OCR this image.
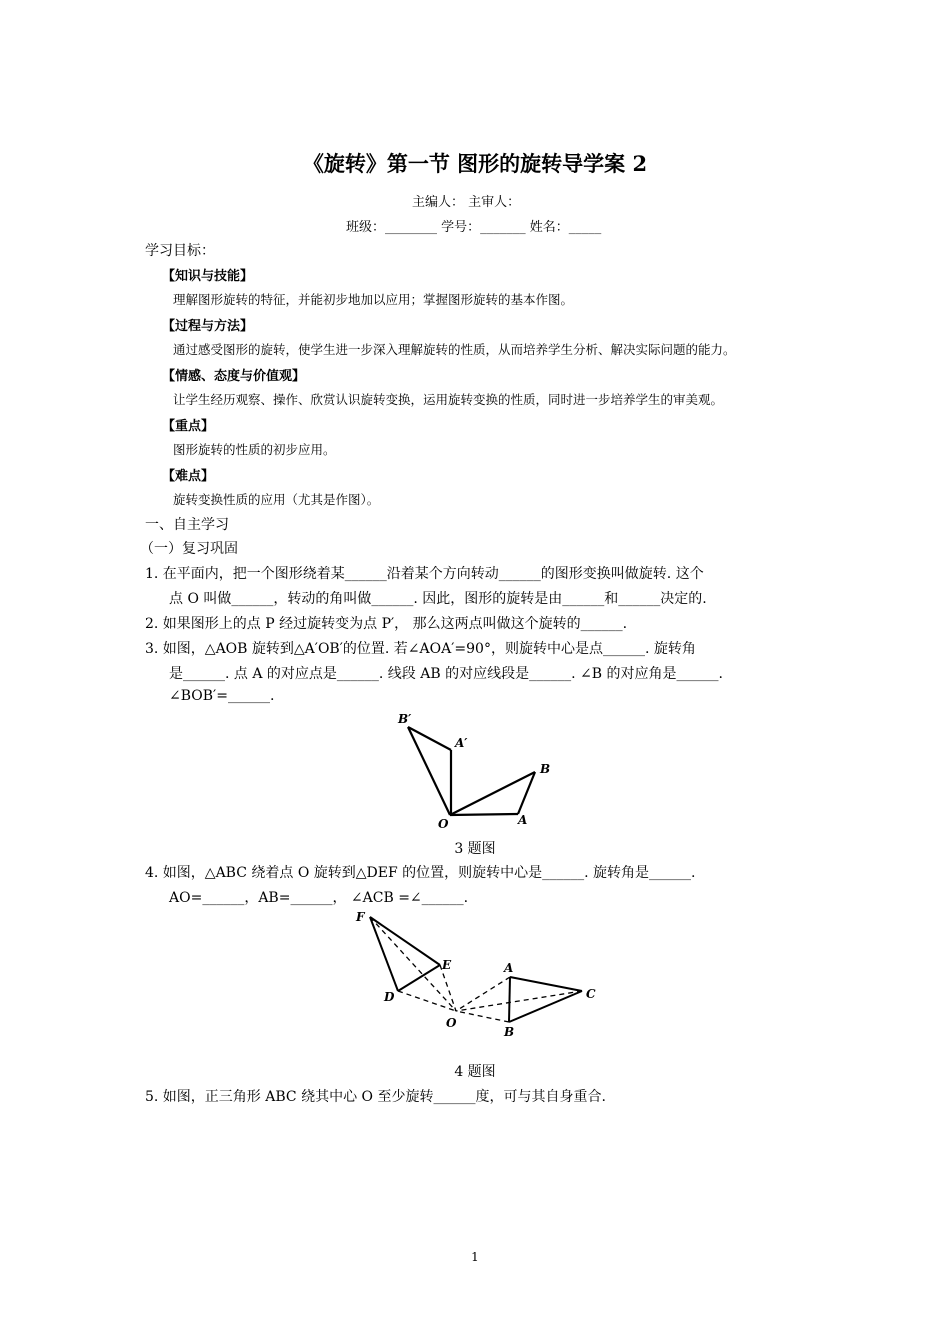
《旋转》第一节 图形的旋转导学案 2
主编人： 主审人：
班级：________ 学号：_______ 姓名：_____
学习目标：
【知识与技能】
理解图形旋转的特征，并能初步地加以应用；掌握图形旋转的基本作图。
【过程与方法】
通过感受图形的旋转，使学生进一步深入理解旋转的性质，从而培养学生分析、解决实际问题的能力。
【情感、态度与价值观】
让学生经历观察、操作、欣赏认识旋转变换，运用旋转变换的性质，同时进一步培养学生的审美观。
【重点】
图形旋转的性质的初步应用。
【难点】
旋转变换性质的应用（尤其是作图）。
一、自主学习
（一）复习巩固
1. 在平面内，把一个图形绕着某______沿着某个方向转动______的图形变换叫做旋转. 这个
点 O 叫做______，转动的角叫做______. 因此，图形的旋转是由______和______决定的.
2. 如果图形上的点 P 经过旋转变为点 P′， 那么这两点叫做这个旋转的______.
3. 如图，△AOB 旋转到△A′OB′的位置. 若∠AOA′=90°，则旋转中心是点______. 旋转角
是______. 点 A 的对应点是______. 线段 AB 的对应线段是______. ∠B 的对应角是______.
∠BOB′=______.
B′
A′
B
O	A
3 题图
4. 如图，△ABC 绕着点 O 旋转到△DEF 的位置，则旋转中心是______. 旋转角是______.
AO=______，AB=______， ∠ACB =∠______.
F
E
D
O
A
C
B
4 题图
5. 如图，正三角形 ABC 绕其中心 O 至少旋转______度，可与其自身重合.
1
